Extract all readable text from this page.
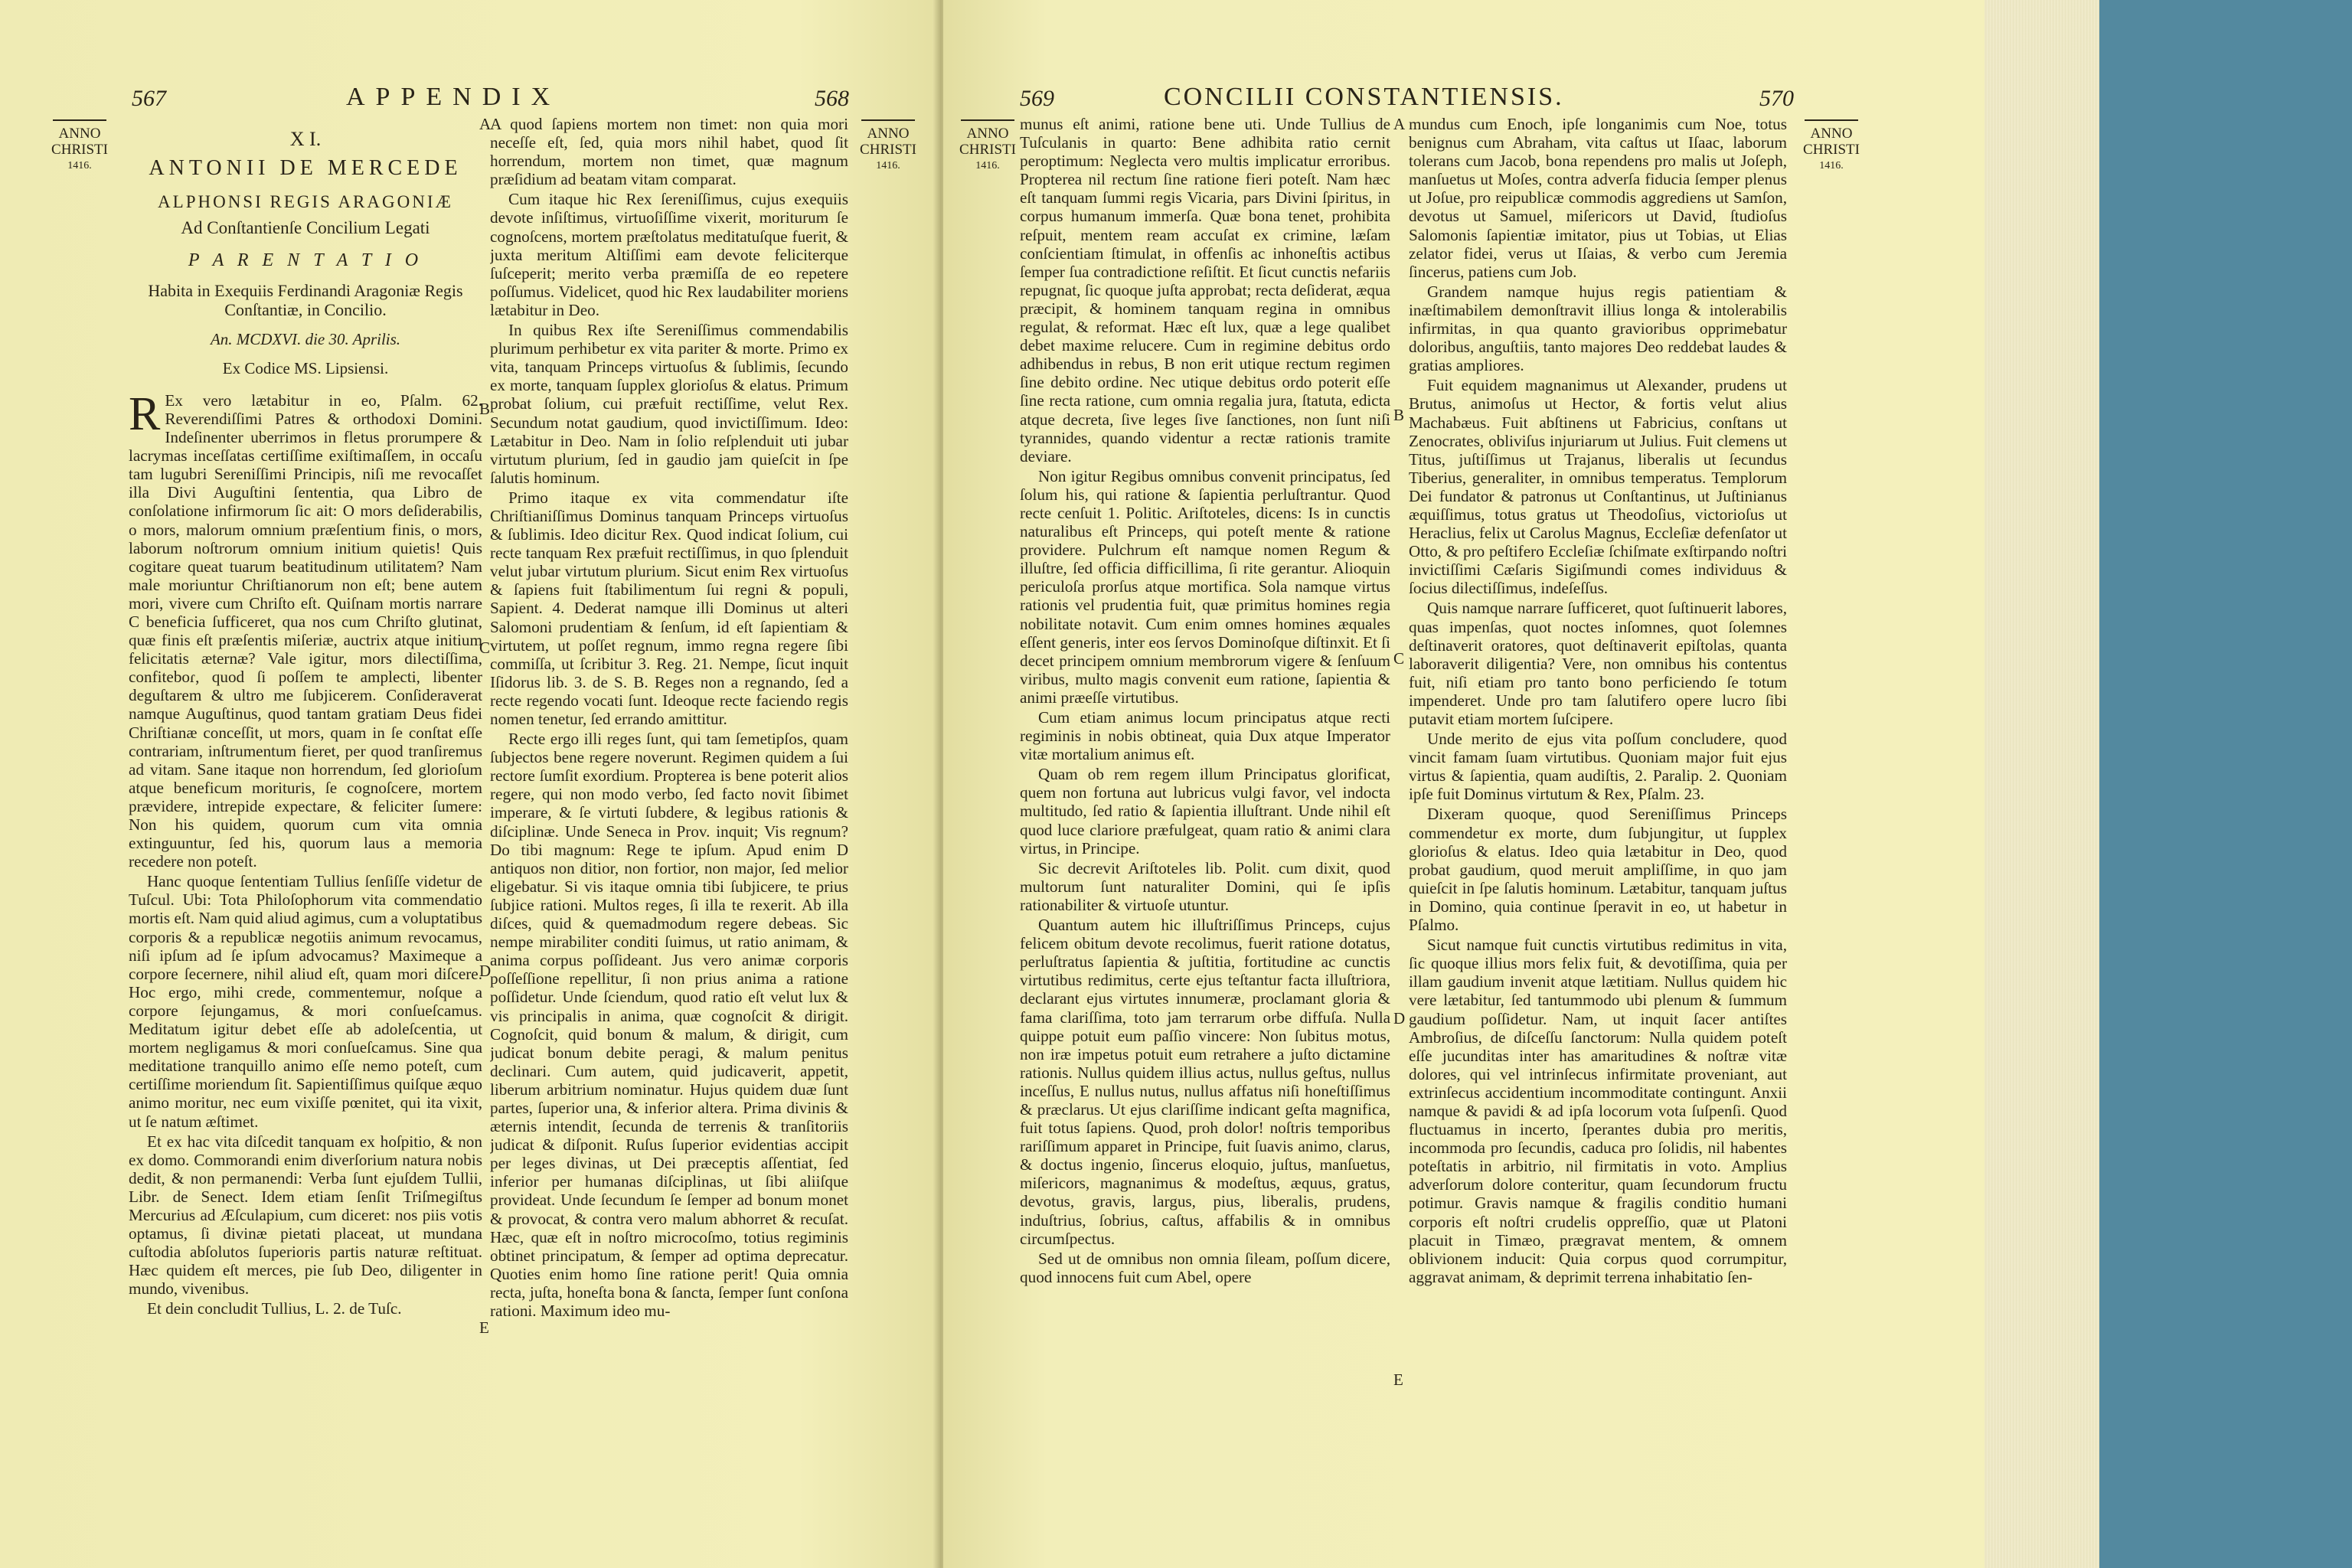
567	APPENDIX	568
ANNO
CHRISTI
1416.
ANNO
CHRISTI
1416.

X I.

ANTONII DE MERCEDE

ALPHONSI REGIS ARAGONIÆ

Ad Conſtantienſe Concilium Legati

P A R E N T A T I O

Habita in Exequiis Ferdinandi Aragoniæ Regis Conſtantiæ, in Concilio.

An. MCDXVI. die 30. Aprilis.

Ex Codice MS. Lipsiensi.

R Ex vero lætabitur in eo, Pſalm. 62. Reverendiſſimi Patres & orthodoxi Domini. Indeſinenter uberrimos in fletus prorumpere & lacrymas inceſſatas certiſſime exiſtimaſſem, in occaſu tam lugubri Sereniſſimi Principis, niſi me revocaſſet illa Divi Auguſtini ſententia, qua Libro de conſolatione infirmorum ſic ait: O mors deſiderabilis, o mors, malorum omnium præſentium finis, o mors, laborum noſtrorum omnium initium quietis! Quis cogitare queat tuarum beatitudinum utilitatem? Nam male moriuntur Chriſtianorum non eſt; bene autem mori, vivere cum Chriſto eſt. Quiſnam mortis narrare C beneficia ſufficeret, qua nos cum Chriſto glutinat, quæ finis eſt præſentis miſeriæ, auctrix atque initium felicitatis æternæ? Vale igitur, mors dilectiſſima, confiteboɾ, quod ſi poſſem te amplecti, libenter deguſtarem & ultro me ſubjicerem. Conſideraverat namque Auguſtinus, quod tantam gratiam Deus fidei Chriſtianæ conceſſit, ut mors, quam in ſe conſtat eſſe contrariam, inſtrumentum fieret, per quod tranſiremus ad vitam. Sane itaque non horrendum, ſed glorioſum atque beneficum morituris, ſe cognoſcere, mortem prævidere, intrepide expectare, & feliciter ſumere: Non his quidem, quorum cum vita omnia extinguuntur, ſed his, quorum laus a memoria recedere non poteſt.

Hanc quoque ſententiam Tullius ſenſiſſe videtur de Tuſcul. Ubi: Tota Philoſophorum vita commendatio mortis eſt. Nam quid aliud agimus, cum a voluptatibus corporis & a republicæ negotiis animum revocamus, niſi ipſum ad ſe ipſum advocamus? Maximeque a corpore ſecernere, nihil aliud eſt, quam mori diſcere. Hoc ergo, mihi crede, commentemur, noſque a corpore ſejungamus, & mori conſueſcamus. Meditatum igitur debet eſſe ab adoleſcentia, ut mortem negligamus & mori conſueſcamus. Sine qua meditatione tranquillo animo eſſe nemo poteſt, cum certiſſime moriendum ſit. Sapientiſſimus quiſque æquo animo moritur, nec eum vixiſſe pœnitet, qui ita vixit, ut ſe natum æſtimet.

Et ex hac vita diſcedit tanquam ex hoſpitio, & non ex domo. Commorandi enim diverſorium natura nobis dedit, & non permanendi: Verba ſunt ejuſdem Tullii, Libr. de Senect. Idem etiam ſenſit Triſmegiſtus Mercurius ad Æſculapium, cum diceret: nos piis votis optamus, ſi divinæ pietati placeat, ut mundana cuſtodia abſolutos ſuperioris partis naturæ reſtituat. Hæc quidem eſt merces, pie ſub Deo, diligenter in mundo, vivenibus.

Et dein concludit Tullius, L. 2. de Tuſc.

A quod ſapiens mortem non timet: non quia mori neceſſe eſt, ſed, quia mors nihil habet, quod ſit horrendum, mortem non timet, quæ magnum præſidium ad beatam vitam comparat.

Cum itaque hic Rex ſereniſſimus, cujus exequiis devote inſiſtimus, virtuoſiſſime vixerit, moriturum ſe cognoſcens, mortem præſtolatus meditatuſque fuerit, & juxta meritum Altiſſimi eam devote feliciterque ſuſceperit; merito verba præmiſſa de eo repetere poſſumus. Videlicet, quod hic Rex laudabiliter moriens lætabitur in Deo.

In quibus Rex iſte Sereniſſimus commendabilis plurimum perhibetur ex vita pariter & morte. Primo ex vita, tanquam Princeps virtuoſus & ſublimis, ſecundo ex morte, tanquam ſupplex glorioſus & elatus. Primum probat ſolium, cui præfuit rectiſſime, velut Rex. Secundum notat gaudium, quod invictiſſimum. Ideo: Lætabitur in Deo. Nam in ſolio reſplenduit uti jubar virtutum plurium, ſed in gaudio jam quieſcit in ſpe ſalutis hominum.

Primo itaque ex vita commendatur iſte Chriſtianiſſimus Dominus tanquam Princeps virtuoſus & ſublimis. Ideo dicitur Rex. Quod indicat ſolium, cui recte tanquam Rex præfuit rectiſſimus, in quo ſplenduit velut jubar virtutum plurium. Sicut enim Rex virtuoſus & ſapiens fuit ſtabilimentum ſui regni & populi, Sapient. 4. Dederat namque illi Dominus ut alteri Salomoni prudentiam & ſenſum, id eſt ſapientiam & virtutem, ut poſſet regnum, immo regna regere ſibi commiſſa, ut ſcribitur 3. Reg. 21. Nempe, ſicut inquit Iſidorus lib. 3. de S. B. Reges non a regnando, ſed a recte regendo vocati ſunt. Ideoque recte faciendo regis nomen tenetur, ſed errando amittitur.

Recte ergo illi reges ſunt, qui tam ſemetipſos, quam ſubjectos bene regere noverunt. Regimen quidem a ſui rectore ſumſit exordium. Propterea is bene poterit alios regere, qui non modo verbo, ſed facto novit ſibimet imperare, & ſe virtuti ſubdere, & legibus rationis & diſciplinæ. Unde Seneca in Prov. inquit; Vis regnum? Do tibi magnum: Rege te ipſum. Apud enim D antiquos non ditior, non fortior, non major, ſed melior eligebatur. Si vis itaque omnia tibi ſubjicere, te prius ſubjice rationi. Multos reges, ſi illa te rexerit. Ab illa diſces, quid & quemadmodum regere debeas. Sic nempe mirabiliter conditi ſuimus, ut ratio animam, & anima corpus poſſideant. Jus vero animæ corporis poſſeſſione repellitur, ſi non prius anima a ratione poſſidetur. Unde ſciendum, quod ratio eſt velut lux & vis principalis in anima, quæ cognoſcit & dirigit. Cognoſcit, quid bonum & malum, & dirigit, cum judicat bonum debite peragi, & malum penitus declinari. Cum autem, quid judicaverit, appetit, liberum arbitrium nominatur. Hujus quidem duæ ſunt partes, ſuperior una, & inferior altera. Prima divinis & æternis intendit, ſecunda de terrenis & tranſitoriis judicat & diſponit. Ruſus ſuperior evidentias accipit per leges divinas, ut Dei præceptis aſſentiat, ſed inferior per humanas diſciplinas, ut ſibi aliiſque provideat. Unde ſecundum ſe ſemper ad bonum monet & provocat, & contra vero malum abhorret & recuſat. Hæc, quæ eſt in noſtro microcoſmo, totius regiminis obtinet principatum, & ſemper ad optima deprecatur. Quoties enim homo ſine ratione perit! Quia omnia recta, juſta, honeſta bona & ſancta, ſemper ſunt conſona rationi. Maximum ideo mu-

569	CONCILII CONSTANTIENSIS.	570
ANNO
CHRISTI
1416.
ANNO
CHRISTI
1416.

munus eſt animi, ratione bene uti. Unde Tullius de Tuſculanis in quarto: Bene adhibita ratio cernit peroptimum: Neglecta vero multis implicatur erroribus. Propterea nil rectum ſine ratione fieri poteſt. Nam hæc eſt tanquam ſummi regis Vicaria, pars Divini ſpiritus, in corpus humanum immerſa. Quæ bona tenet, prohibita reſpuit, mentem ream accuſat ex crimine, læſam conſcientiam ſtimulat, in offenſis ac inhoneſtis actibus ſemper ſua contradictione reſiſtit. Et ſicut cunctis nefariis repugnat, ſic quoque juſta approbat; recta deſiderat, æqua præcipit, & hominem tanquam regina in omnibus regulat, & reformat. Hæc eſt lux, quæ a lege qualibet debet maxime relucere. Cum in regimine debitus ordo adhibendus in rebus, B non erit utique rectum regimen ſine debito ordine. Nec utique debitus ordo poterit eſſe ſine recta ratione, cum omnia regalia jura, ſtatuta, edicta atque decreta, ſive leges ſive ſanctiones, non ſunt niſi tyrannides, quando videntur a rectæ rationis tramite deviare.

Non igitur Regibus omnibus convenit principatus, ſed ſolum his, qui ratione & ſapientia perluſtrantur. Quod recte cenſuit 1. Politic. Ariſtoteles, dicens: Is in cunctis naturalibus eſt Princeps, qui poteſt mente & ratione providere. Pulchrum eſt namque nomen Regum & illuſtre, ſed officia difficillima, ſi rite gerantur. Alioquin periculoſa prorſus atque mortifica. Sola namque virtus rationis vel prudentia fuit, quæ primitus homines regia nobilitate notavit. Cum enim omnes homines æquales eſſent generis, inter eos ſervos Dominoſque diſtinxit. Et ſi decet principem omnium membrorum vigere & ſenſuum viribus, multo magis convenit eum ratione, ſapientia & animi præeſſe virtutibus.

Cum etiam animus locum principatus atque recti regiminis in nobis obtineat, quia Dux atque Imperator vitæ mortalium animus eſt.

Quam ob rem regem illum Principatus glorificat, quem non fortuna aut lubricus vulgi favor, vel indocta multitudo, ſed ratio & ſapientia illuſtrant. Unde nihil eſt quod luce clariore præfulgeat, quam ratio & animi clara virtus, in Principe.

Sic decrevit Ariſtoteles lib. Polit. cum dixit, quod multorum ſunt naturaliter Domini, qui ſe ipſis rationabiliter & virtuoſe utuntur.

Quantum autem hic illuſtriſſimus Princeps, cujus felicem obitum devote recolimus, fuerit ratione dotatus, perluſtratus ſapientia & juſtitia, fortitudine ac cunctis virtutibus redimitus, certe ejus teſtantur facta illuſtriora, declarant ejus virtutes innumeræ, proclamant gloria & fama clariſſima, toto jam terrarum orbe diffuſa. Nulla quippe potuit eum paſſio vincere: Non ſubitus motus, non iræ impetus potuit eum retrahere a juſto dictamine rationis. Nullus quidem illius actus, nullus geſtus, nullus inceſſus, E nullus nutus, nullus affatus niſi honeſtiſſimus & præclarus. Ut ejus clariſſime indicant geſta magnifica, fuit totus ſapiens. Quod, proh dolor! noſtris temporibus rariſſimum apparet in Principe, fuit ſuavis animo, clarus, & doctus ingenio, ſincerus eloquio, juſtus, manſuetus, miſericors, magnanimus & modeſtus, æquus, gratus, devotus, gravis, largus, pius, liberalis, prudens, induſtrius, ſobrius, caſtus, affabilis & in omnibus circumſpectus.

Sed ut de omnibus non omnia ſileam, poſſum dicere, quod innocens fuit cum Abel, opere

A
B
C
D
E

mundus cum Enoch, ipſe longanimis cum Noe, totus benignus cum Abraham, vita caſtus ut Iſaac, laborum tolerans cum Jacob, bona rependens pro malis ut Joſeph, manſuetus ut Moſes, contra adverſa fiducia ſemper plenus ut Joſue, pro reipublicæ commodis aggrediens ut Samſon, devotus ut Samuel, miſericors ut David, ſtudioſus Salomonis ſapientiæ imitator, pius ut Tobias, ut Elias zelator fidei, verus ut Iſaias, & verbo cum Jeremia ſincerus, patiens cum Job.

Grandem namque hujus regis patientiam & inæſtimabilem demonſtravit illius longa & intolerabilis infirmitas, in qua quanto gravioribus opprimebatur doloribus, anguſtiis, tanto majores Deo reddebat laudes & gratias ampliores.

Fuit equidem magnanimus ut Alexander, prudens ut Brutus, animoſus ut Hector, & fortis velut alius Machabæus. Fuit abſtinens ut Fabricius, conſtans ut Zenocrates, obliviſus injuriarum ut Julius. Fuit clemens ut Titus, juſtiſſimus ut Trajanus, liberalis ut ſecundus Tiberius, generaliter, in omnibus temperatus. Templorum Dei fundator & patronus ut Conſtantinus, ut Juſtinianus æquiſſimus, totus gratus ut Theodoſius, victorioſus ut Heraclius, felix ut Carolus Magnus, Eccleſiæ defenſator ut Otto, & pro peſtifero Eccleſiæ ſchiſmate exſtirpando noſtri invictiſſimi Cæſaris Sigiſmundi comes individuus & ſocius dilectiſſimus, indeſeſſus.

Quis namque narrare ſufficeret, quot ſuſtinuerit labores, quas impenſas, quot noctes inſomnes, quot ſolemnes deſtinaverit oratores, quot deſtinaverit epiſtolas, quanta laboraverit diligentia? Vere, non omnibus his contentus fuit, niſi etiam pro tanto bono perficiendo ſe totum impenderet. Unde pro tam ſalutifero opere lucro ſibi putavit etiam mortem ſuſcipere.

Unde merito de ejus vita poſſum concludere, quod vincit famam ſuam virtutibus. Quoniam major fuit ejus virtus & ſapientia, quam audiſtis, 2. Paralip. 2. Quoniam ipſe fuit Dominus virtutum & Rex, Pſalm. 23.

Dixeram quoque, quod Sereniſſimus Princeps commendetur ex morte, dum ſubjungitur, ut ſupplex glorioſus & elatus. Ideo quia lætabitur in Deo, quod probat gaudium, quod meruit ampliſſime, in quo jam quieſcit in ſpe ſalutis hominum. Lætabitur, tanquam juſtus in Domino, quia continue ſperavit in eo, ut habetur in Pſalmo.

Sicut namque fuit cunctis virtutibus redimitus in vita, ſic quoque illius mors felix fuit, & devotiſſima, quia per illam gaudium invenit atque lætitiam. Nullus quidem hic vere lætabitur, ſed tantummodo ubi plenum & ſummum gaudium poſſidetur. Nam, ut inquit ſacer antiſtes Ambroſius, de diſceſſu ſanctorum: Nulla quidem poteſt eſſe jucunditas inter has amaritudines & noſtræ vitæ dolores, qui vel intrinſecus infirmitate proveniant, aut extrinſecus accidentium incommoditate contingunt. Anxii namque & pavidi & ad ipſa locorum vota ſuſpenſi. Quod fluctuamus in incerto, ſperantes dubia pro meritis, incommoda pro ſecundis, caduca pro ſolidis, nil habentes poteſtatis in arbitrio, nil firmitatis in voto. Amplius adverſorum dolore conteritur, quam ſecundorum fructu potimur. Gravis namque & fragilis conditio humani corporis eſt noſtri crudelis oppreſſio, quæ ut Platoni placuit in Timæo, prægravat mentem, & omnem oblivionem inducit: Quia corpus quod corrumpitur, aggravat animam, & deprimit terrena inhabitatio ſen-

A
B
C
D
E
